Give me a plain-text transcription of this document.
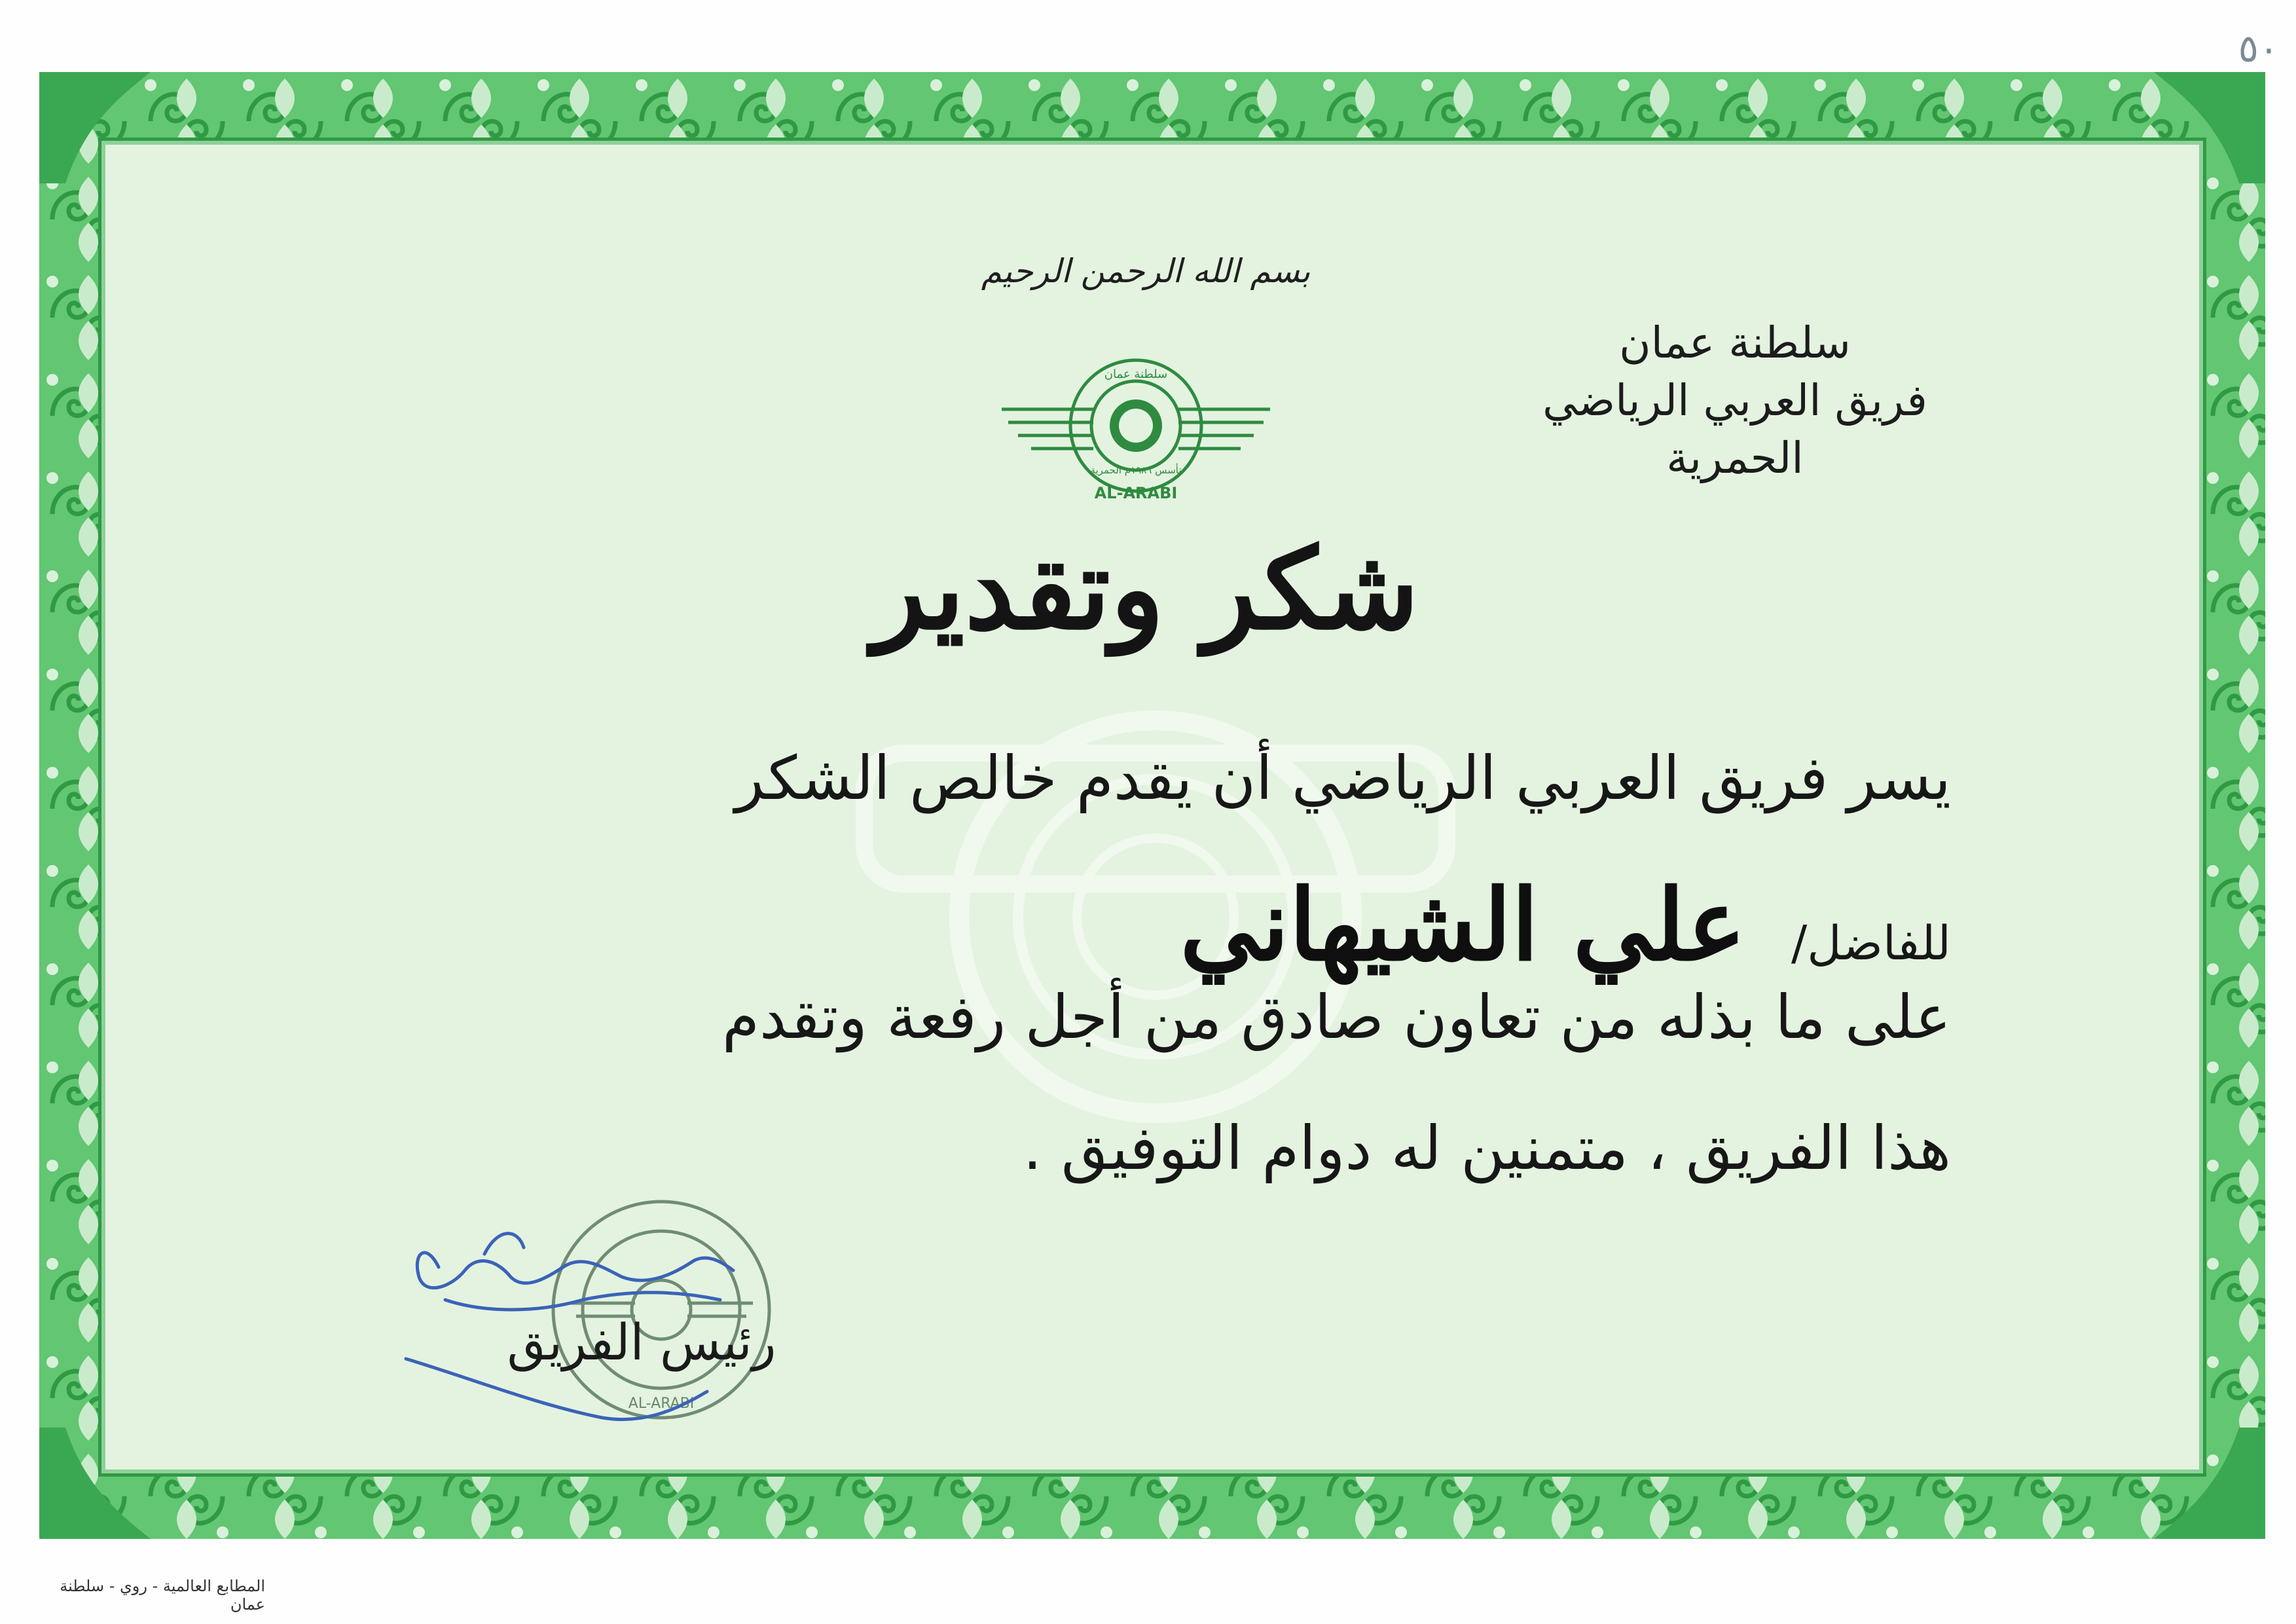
٥٠
سلطنة عمان
تأسس ١٩٨٦م الحمرية
AL-ARABI
بسم الله الرحمن الرحيم
سلطنة عمان
فريق العربي الرياضي
الحمرية
شكر وتقدير
يسر فريق العربي الرياضي أن يقدم خالص الشكر
للفاضل/ علي الشيهاني
على ما بذله من تعاون صادق من أجل رفعة وتقدم
هذا الفريق ، متمنين له دوام التوفيق .
AL-ARABI
رئيس الفريق
المطابع العالمية - روي - سلطنة عمان
